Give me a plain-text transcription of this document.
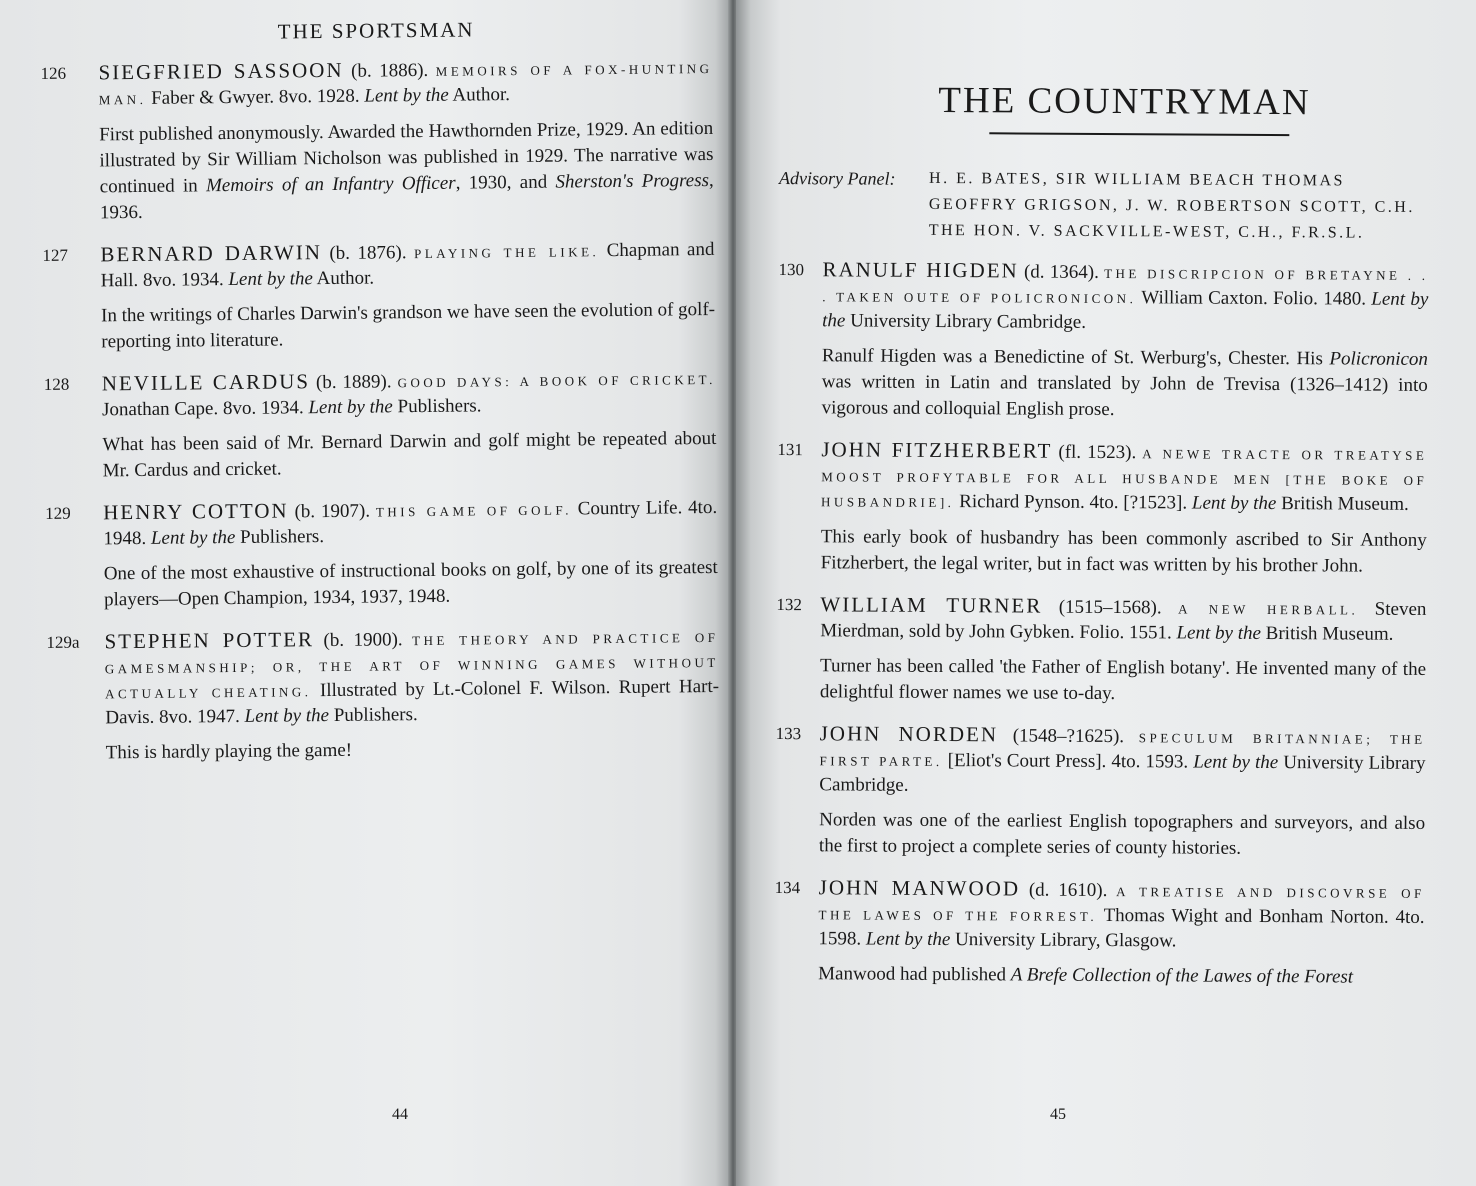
THE SPORTSMAN
126	SIEGFRIED SASSOON (b. 1886). MEMOIRS OF A FOX-HUNTING MAN. Faber & Gwyer. 8vo. 1928. Lent by the Author.

First published anonymously. Awarded the Hawthornden Prize, 1929. An edition illustrated by Sir William Nicholson was published in 1929. The narrative was continued in Memoirs of an Infantry Officer, 1930, and Sherston's Progress, 1936.

127	BERNARD DARWIN (b. 1876). PLAYING THE LIKE. Chapman and Hall. 8vo. 1934. Lent by the Author.

In the writings of Charles Darwin's grandson we have seen the evolution of golf-reporting into literature.

128	NEVILLE CARDUS (b. 1889). GOOD DAYS: A BOOK OF CRICKET. Jonathan Cape. 8vo. 1934. Lent by the Publishers.

What has been said of Mr. Bernard Darwin and golf might be repeated about Mr. Cardus and cricket.

129	HENRY COTTON (b. 1907). THIS GAME OF GOLF. Country Life. 4to. 1948. Lent by the Publishers.

One of the most exhaustive of instructional books on golf, by one of its greatest players—Open Champion, 1934, 1937, 1948.

129a	STEPHEN POTTER (b. 1900). THE THEORY AND PRACTICE OF GAMESMANSHIP; OR, THE ART OF WINNING GAMES WITHOUT ACTUALLY CHEATING. Illustrated by Lt.-Colonel F. Wilson. Rupert Hart-Davis. 8vo. 1947. Lent by the Publishers.

This is hardly playing the game!

44
THE COUNTRYMAN
Advisory Panel:	H. E. BATES, SIR WILLIAM BEACH THOMAS
GEOFFRY GRIGSON, J. W. ROBERTSON SCOTT, C.H.
THE HON. V. SACKVILLE-WEST, C.H., F.R.S.L.
130 RANULF HIGDEN (d. 1364). THE DISCRIPCION OF BRETAYNE . . . TAKEN OUTE OF POLICRONICON. William Caxton. Folio. 1480. Lent by the University Library Cambridge.

Ranulf Higden was a Benedictine of St. Werburg's, Chester. His Policronicon was written in Latin and translated by John de Trevisa (1326–1412) into vigorous and colloquial English prose.

131 JOHN FITZHERBERT (fl. 1523). A NEWE TRACTE OR TREATYSE MOOST PROFYTABLE FOR ALL HUSBANDE MEN [THE BOKE OF HUSBANDRIE]. Richard Pynson. 4to. [?1523]. Lent by the British Museum.

This early book of husbandry has been commonly ascribed to Sir Anthony Fitzherbert, the legal writer, but in fact was written by his brother John.

132 WILLIAM TURNER (1515–1568). A NEW HERBALL. Steven Mierdman, sold by John Gybken. Folio. 1551. Lent by the British Museum.

Turner has been called 'the Father of English botany'. He invented many of the delightful flower names we use to-day.

133 JOHN NORDEN (1548–?1625). SPECULUM BRITANNIAE; THE FIRST PARTE. [Eliot's Court Press]. 4to. 1593. Lent by the University Library Cambridge.

Norden was one of the earliest English topographers and surveyors, and also the first to project a complete series of county histories.

134 JOHN MANWOOD (d. 1610). A TREATISE AND DISCOVRSE OF THE LAWES OF THE FORREST. Thomas Wight and Bonham Norton. 4to. 1598. Lent by the University Library, Glasgow.

Manwood had published A Brefe Collection of the Lawes of the Forest

45
